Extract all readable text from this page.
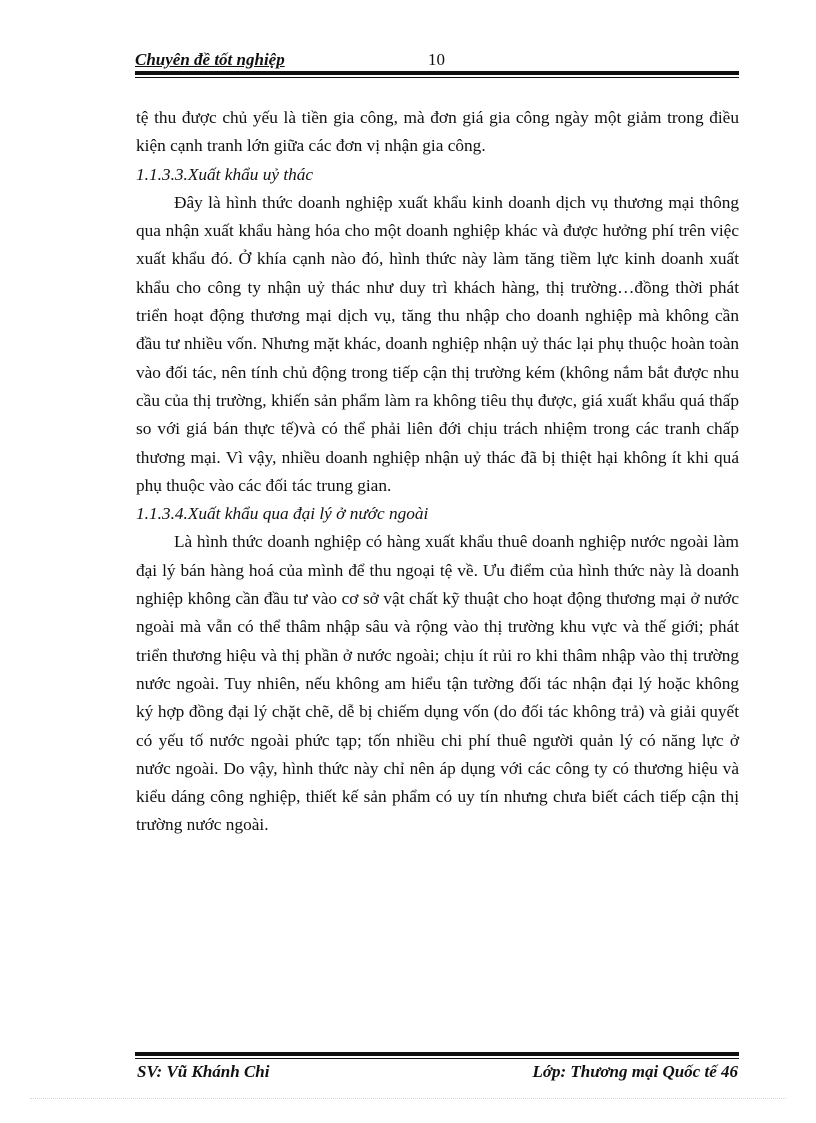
Chuyên đề tốt nghiệp	10

tệ thu được chủ yếu là tiền gia công, mà đơn giá gia công ngày một giảm trong điều kiện cạnh tranh lớn giữa các đơn vị nhận gia công.

1.1.3.3.Xuất khẩu uỷ thác

Đây là hình thức doanh nghiệp xuất khẩu kinh doanh dịch vụ thương mại thông qua nhận xuất khẩu hàng hóa cho một doanh nghiệp khác và được hưởng phí trên việc xuất khẩu đó. Ở khía cạnh nào đó, hình thức này làm tăng tiềm lực kinh doanh xuất khẩu cho công ty nhận uỷ thác như duy trì khách hàng, thị trường…đồng thời phát triển hoạt động thương mại dịch vụ, tăng thu nhập cho doanh nghiệp mà không cần đầu tư nhiều vốn. Nhưng mặt khác, doanh nghiệp nhận uỷ thác lại phụ thuộc hoàn toàn vào đối tác, nên tính chủ động trong tiếp cận thị trường kém (không nắm bắt được nhu cầu của thị trường, khiến sản phẩm làm ra không tiêu thụ được, giá xuất khẩu quá thấp so với giá bán thực tế)và có thể phải liên đới chịu trách nhiệm trong các tranh chấp thương mại. Vì vậy, nhiều doanh nghiệp nhận uỷ thác đã bị thiệt hại không ít khi quá phụ thuộc vào các đối tác trung gian.

1.1.3.4.Xuất khẩu qua đại lý ở nước ngoài

Là hình thức doanh nghiệp có hàng xuất khẩu thuê doanh nghiệp nước ngoài làm đại lý bán hàng hoá của mình để thu ngoại tệ về. Ưu điểm của hình thức này là doanh nghiệp không cần đầu tư vào cơ sở vật chất kỹ thuật cho hoạt động thương mại ở nước ngoài mà vẫn có thể thâm nhập sâu và rộng vào thị trường khu vực và thế giới; phát triển thương hiệu và thị phần ở nước ngoài; chịu ít rủi ro khi thâm nhập vào thị trường nước ngoài. Tuy nhiên, nếu không am hiểu tận tường đối tác nhận đại lý hoặc không ký hợp đồng đại lý chặt chẽ, dễ bị chiếm dụng vốn (do đối tác không trả) và giải quyết có yếu tố nước ngoài phức tạp; tốn nhiều chi phí thuê người quản lý có năng lực ở nước ngoài. Do vậy, hình thức này chỉ nên áp dụng với các công ty có thương hiệu và kiểu dáng công nghiệp, thiết kế sản phẩm có uy tín nhưng chưa biết cách tiếp cận thị trường nước ngoài.

SV: Vũ Khánh Chi	Lớp: Thương mại Quốc tế 46
